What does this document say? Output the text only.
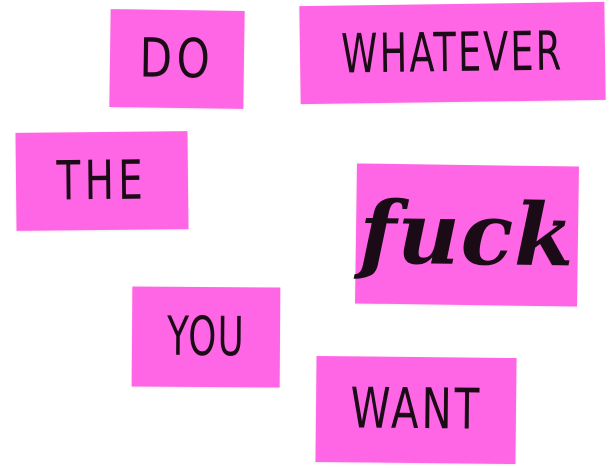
DO WHATEVER
THE
fuck
YOU
WANT
